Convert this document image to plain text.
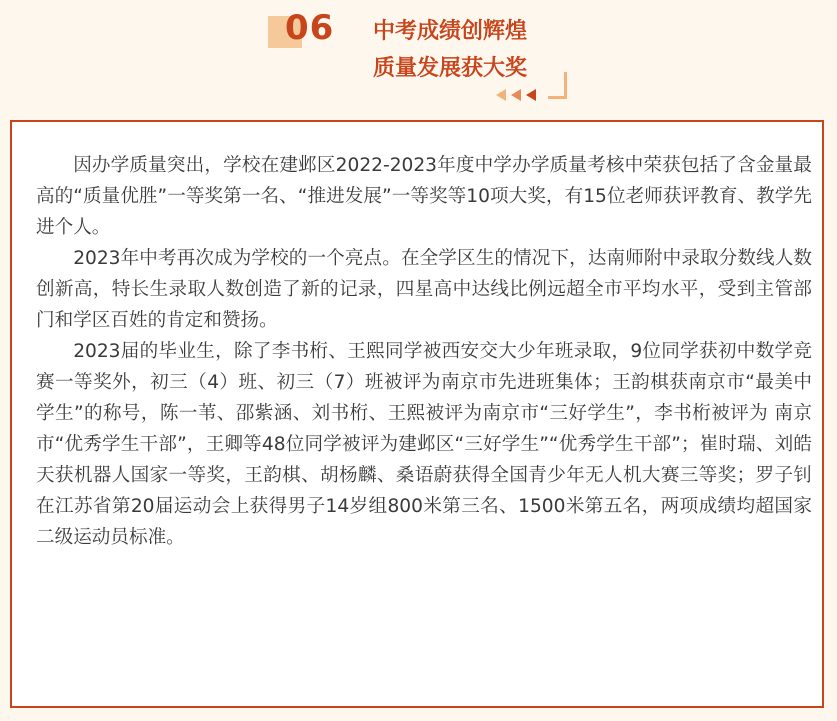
06 中考成绩创辉煌
质量发展获大奖

因办学质量突出，学校在建邺区2022-2023年度中学办学质量考核中荣获包括了含金量最高的“质量优胜”一等奖第一名、“推进发展”一等奖等10项大奖，有15位老师获评教育、教学先进个人。

2023年中考再次成为学校的一个亮点。在全学区生的情况下，达南师附中录取分数线人数创新高，特长生录取人数创造了新的记录，四星高中达线比例远超全市平均水平，受到主管部门和学区百姓的肯定和赞扬。

2023届的毕业生，除了李书桁、王熙同学被西安交大少年班录取，9位同学获初中数学竞赛一等奖外，初三（4）班、初三（7）班被评为南京市先进班集体；王韵棋获南京市“最美中学生”的称号，陈一苇、邵紫涵、刘书桁、王熙被评为南京市“三好学生”，李书桁被评为 南京市“优秀学生干部”，王卿等48位同学被评为建邺区“三好学生”“优秀学生干部”；崔时瑞、刘皓天获机器人国家一等奖，王韵棋、胡杨麟、桑语蔚获得全国青少年无人机大赛三等奖；罗子钊在江苏省第20届运动会上获得男子14岁组800米第三名、1500米第五名，两项成绩均超国家二级运动员标准。
